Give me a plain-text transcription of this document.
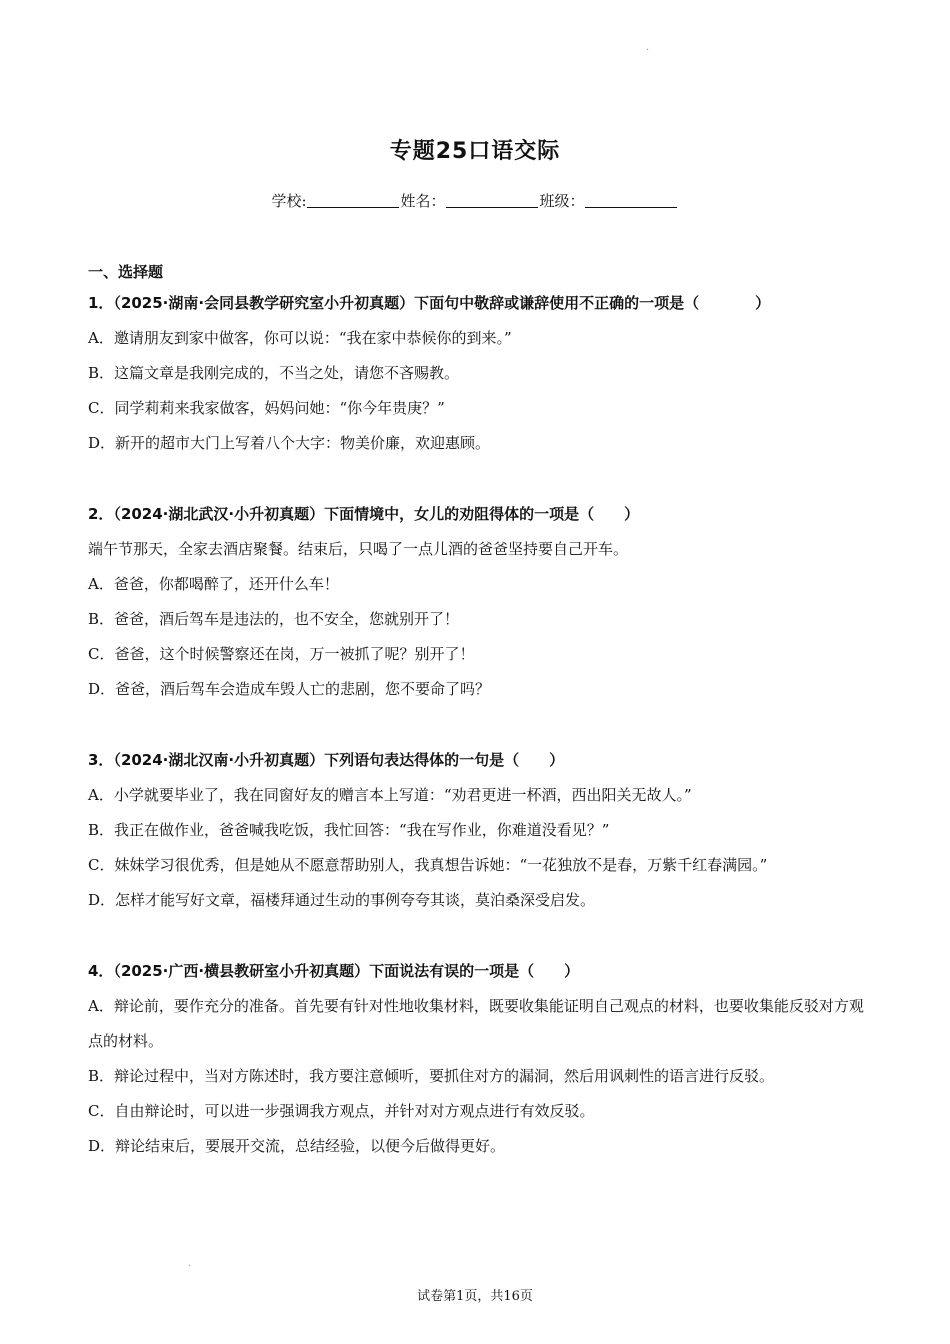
·
专题25口语交际
学校:	姓名：	班级：
一、选择题
1．（2025·湖南·会同县教学研究室小升初真题）下面句中敬辞或谦辞使用不正确的一项是（	）
A．邀请朋友到家中做客，你可以说：“我在家中恭候你的到来。”
B．这篇文章是我刚完成的，不当之处，请您不吝赐教。
C．同学莉莉来我家做客，妈妈问她：“你今年贵庚？”
D．新开的超市大门上写着八个大字：物美价廉，欢迎惠顾。
2．（2024·湖北武汉·小升初真题）下面情境中，女儿的劝阻得体的一项是（ ）
端午节那天，全家去酒店聚餐。结束后，只喝了一点儿酒的爸爸坚持要自己开车。
A．爸爸，你都喝醉了，还开什么车！
B．爸爸，酒后驾车是违法的，也不安全，您就别开了！
C．爸爸，这个时候警察还在岗，万一被抓了呢？别开了！
D．爸爸，酒后驾车会造成车毁人亡的悲剧，您不要命了吗？
3．（2024·湖北汉南·小升初真题）下列语句表达得体的一句是（ ）
A．小学就要毕业了，我在同窗好友的赠言本上写道：“劝君更进一杯酒，西出阳关无故人。”
B．我正在做作业，爸爸喊我吃饭，我忙回答：“我在写作业，你难道没看见？”
C．妹妹学习很优秀，但是她从不愿意帮助别人，我真想告诉她：“一花独放不是春，万紫千红春满园。”
D．怎样才能写好文章，福楼拜通过生动的事例夸夸其谈，莫泊桑深受启发。
4．（2025·广西·横县教研室小升初真题）下面说法有误的一项是（ ）
A．辩论前，要作充分的准备。首先要有针对性地收集材料，既要收集能证明自己观点的材料，也要收集能反驳对方观点的材料。
B．辩论过程中，当对方陈述时，我方要注意倾听，要抓住对方的漏洞，然后用讽刺性的语言进行反驳。
C．自由辩论时，可以进一步强调我方观点，并针对对方观点进行有效反驳。
D．辩论结束后，要展开交流，总结经验，以便今后做得更好。
·
试卷第1页，共16页
